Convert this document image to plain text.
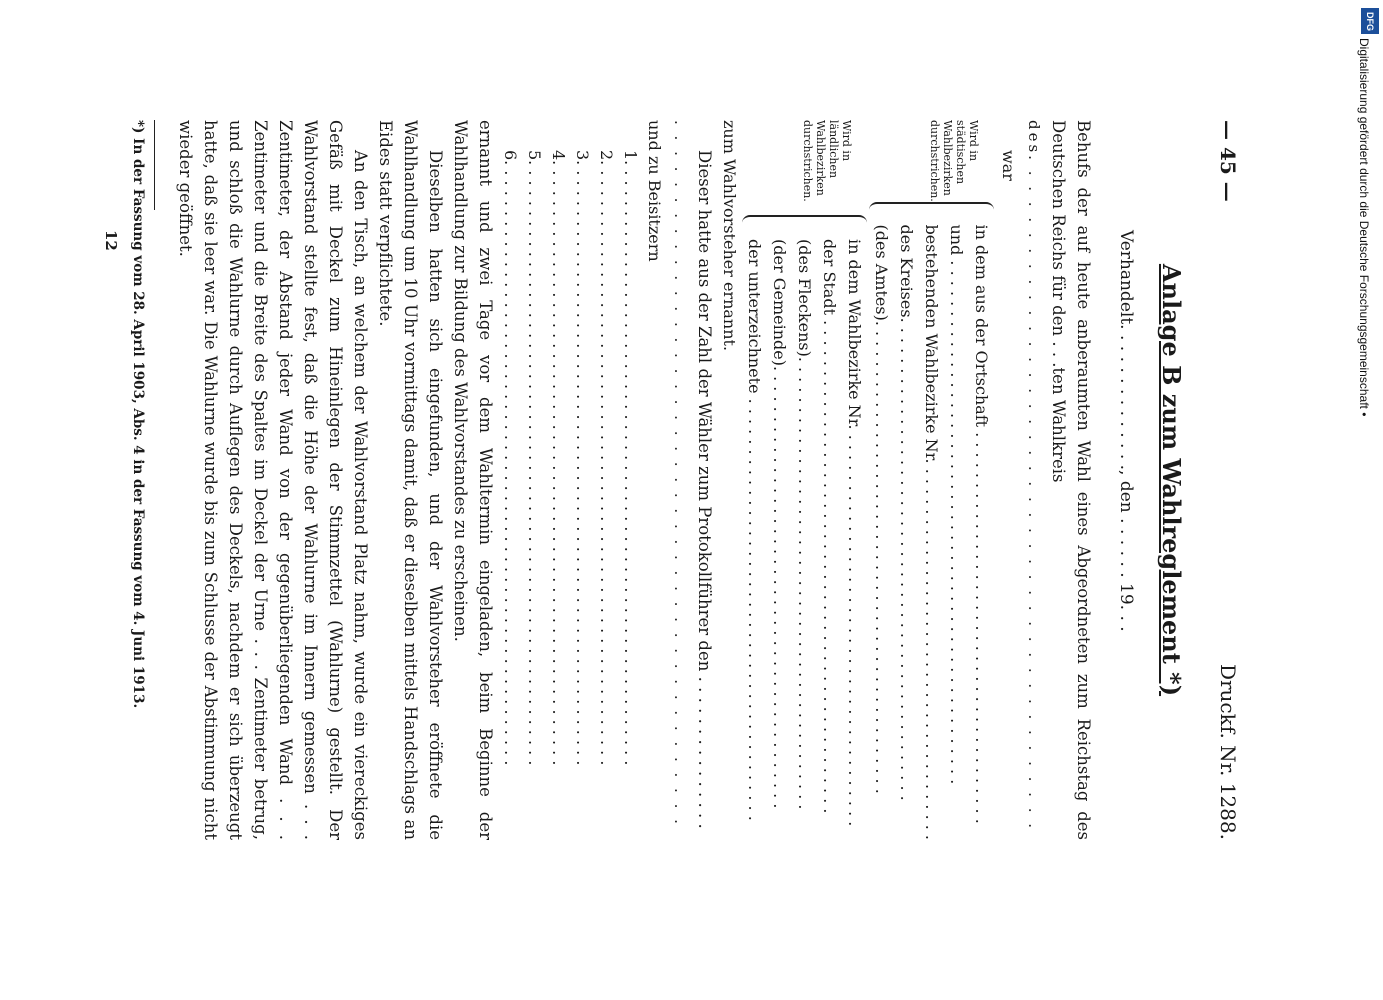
— 45 —
Druckf. Nr. 1288.
Anlage B zum Wahlreglement *)
Verhandelt. . . . . . . . . . . . . ., den . . . . . . 19. . .
Behufs der auf heute anberaumten Wahl eines Abgeordneten zum Reichstag des Deutschen Reichs für den . . .ten Wahlkreis
des. . . . . . . . . . . . . . . . . . . . . . . . . . . . . . . . . . . . . . . . . . . .
war
Wird in städtischen Wahlbezirken durchstrichen.
in dem aus der Ortschaft . . . . . . . . . . . . . . . . . . . . . . . . . . . . . . . . . . . . . . .
und . . . . . . . . . . . . . . . . . . . . . . . . . . . . . . . . . . . . . . . . . . . . . . . . . . . .
bestehenden Wahlbezirke Nr. . . . . . . . . . . . . . . . . . . . . . . . . . . . . . . . . . . . . .
des Kreises. . . . . . . . . . . . . . . . . . . . . . . . . . . . . . . . . . . . . . . . . . . . . . . .
(des Amtes). . . . . . . . . . . . . . . . . . . . . . . . . . . . . . . . . . . . . . . . . . . . . . .
Wird in ländlichen Wahlbezirken durchstrichen.
in dem Wahlbezirke Nr. . . . . . . . . . . . . . . . . . . . . . . . . . . . . . . . . . . . . . . .
der Stadt . . . . . . . . . . . . . . . . . . . . . . . . . . . . . . . . . . . . . . . . . . . . . . . . .
(des Fleckens). . . . . . . . . . . . . . . . . . . . . . . . . . . . . . . . . . . . . . . . . . . . .
(der Gemeinde). . . . . . . . . . . . . . . . . . . . . . . . . . . . . . . . . . . . . . . . . . . .
der unterzeichnete . . . . . . . . . . . . . . . . . . . . . . . . . . . . . . . . . . . . . . . . . .
zum Wahlvorsteher ernannt.
Dieser hatte aus der Zahl der Wähler zum Protokollführer den . . . . . . . . . . . . . . .
. . . . . . . . . . . . . . . . . . . . . . . . . . . . . . . . . . . . . . . . . . . . . .
und zu Beisitzern
1. . . . . . . . . . . . . . . . . . . . . . . . . . . . . . . . . . . . . . . . . . . . . . . . . . . . . . . . . . . .
2. . . . . . . . . . . . . . . . . . . . . . . . . . . . . . . . . . . . . . . . . . . . . . . . . . . . . . . . . . . .
3. . . . . . . . . . . . . . . . . . . . . . . . . . . . . . . . . . . . . . . . . . . . . . . . . . . . . . . . . . . .
4. . . . . . . . . . . . . . . . . . . . . . . . . . . . . . . . . . . . . . . . . . . . . . . . . . . . . . . . . . . .
5. . . . . . . . . . . . . . . . . . . . . . . . . . . . . . . . . . . . . . . . . . . . . . . . . . . . . . . . . . . .
6. . . . . . . . . . . . . . . . . . . . . . . . . . . . . . . . . . . . . . . . . . . . . . . . . . . . . . . . . . . .
ernannt und zwei Tage vor dem Wahltermin eingeladen, beim Beginne der Wahlhandlung zur Bildung des Wahlvorstandes zu erscheinen.
Dieselben hatten sich eingefunden, und der Wahlvorsteher eröffnete die Wahlhandlung um 10 Uhr vormittags damit, daß er dieselben mittels Handschlags an Eides statt verpflichtete.
An den Tisch, an welchem der Wahlvorstand Platz nahm, wurde ein viereckiges Gefäß mit Deckel zum Hineinlegen der Stimmzettel (Wahlurne) gestellt. Der Wahlvorstand stellte fest, daß die Höhe der Wahlurne im Innern gemessen . . . Zentimeter, der Abstand jeder Wand von der gegenüberliegenden Wand . . . Zentimeter und die Breite des Spaltes im Deckel der Urne . . . Zentimeter betrug, und schloß die Wahlurne durch Auflegen des Deckels, nachdem er sich überzeugt hatte, daß sie leer war. Die Wahlurne wurde bis zum Schlusse der Abstimmung nicht wieder geöffnet.
*) In der Fassung vom 28. April 1903, Abs. 4 in der Fassung vom 4. Juni 1913.
12
DFG
Digitalisierung gefördert durch die Deutsche Forschungsgemeinschaft •
